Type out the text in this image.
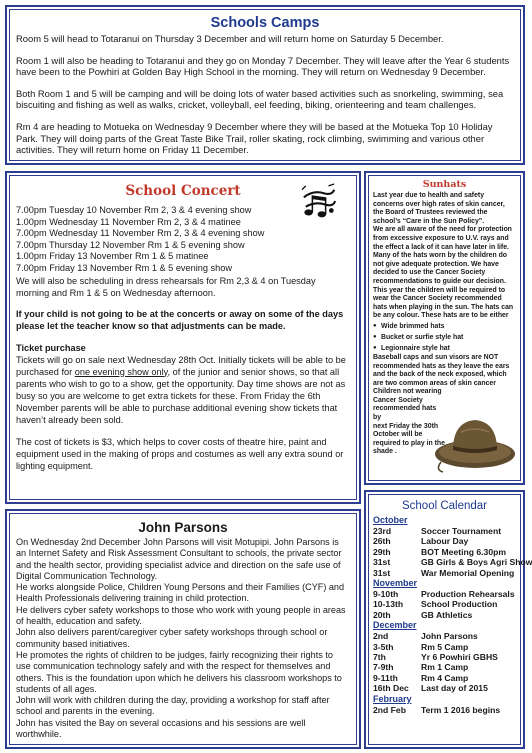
Schools Camps

Room 5 will head to Totaranui on Thursday 3 December and will return home on Saturday 5 December.

Room 1 will also be heading to Totaranui and they go on Monday 7 December. They will leave after the Year 6 students have been to the Powhiri at Golden Bay High School in the morning. They will return on Wednesday 9 December.

Both Room 1 and 5 will be camping and will be doing lots of water based activities such as snorkeling, swimming, sea biscuiting and fishing as well as walks, cricket, volleyball, eel feeding, biking, orienteering and team challenges.

Rm 4 are heading to Motueka on Wednesday 9 December where they will be based at the Motueka Top 10 Holiday Park. They will doing parts of the Great Taste Bike Trail, roller skating, rock climbing, swimming and various other activities. They will return home on Friday 11 December.

School Concert
7.00pm Tuesday 10 November Rm 2, 3 & 4 evening show
1.00pm Wednesday 11 November Rm 2, 3 & 4 matinee
7.00pm Wednesday 11 November Rm 2, 3 & 4 evening show
7.00pm Thursday 12 November Rm 1 & 5 evening show
1.00pm Friday 13 November Rm 1 & 5 matinee
7.00pm Friday 13 November Rm 1 & 5 evening show
We will also be scheduling in dress rehearsals for Rm 2,3 & 4 on Tuesday morning and Rm 1 & 5 on Wednesday afternoon.
If your child is not going to be at the concerts or away on some of the days please let the teacher know so that adjustments can be made.
Ticket purchase
Tickets will go on sale next Wednesday 28th Oct. Initially tickets will be able to be purchased for one evening show only, of the junior and senior shows, so that all parents who wish to go to a show, get the opportunity. Day time shows are not as busy so you are welcome to get extra tickets for these. From Friday the 6th November parents will be able to purchase additional evening show tickets that haven’t already been sold.
The cost of tickets is $3, which helps to cover costs of theatre hire, paint and equipment used in the making of props and costumes as well any extra sound or lighting equipment.
Sunhats
Last year due to health and safety concerns over high rates of skin cancer, the Board of Trustees reviewed the school’s “Care in the Sun Policy”.
We are all aware of the need for protection from excessive exposure to U.V. rays and the effect a lack of it can have later in life. Many of the hats worn by the children do not give adequate protection. We have decided to use the Cancer Society recommendations to guide our decision.
This year the children will be required to wear the Cancer Society recommended hats when playing in the sun. The hats can be any colour. These hats are to be either
● Wide brimmed hats
● Bucket or surfie style hat
● Legionnaire style hat
Baseball caps and sun visors are NOT recommended hats as they leave the ears and the back of the neck exposed, which are two common areas of skin cancer
Children not wearing
Cancer Society
recommended hats by
next Friday the 30th
October will be
required to play in the
shade .
John Parsons

On Wednesday 2nd December John Parsons will visit Motupipi. John Parsons is an Internet Safety and Risk Assessment Consultant to schools, the private sector and the health sector, providing specialist advice and direction on the safe use of Digital Communication Technology.

He works alongside Police, Children Young Persons and their Families (CYF) and Health Professionals delivering training in child protection.

He delivers cyber safety workshops to those who work with young people in areas of health, education and safety.

John also delivers parent/caregiver cyber safety workshops through school or community based initiatives.

He promotes the rights of children to be judges, fairly recognizing their rights to use communication technology safely and with the respect for themselves and others. This is the foundation upon which he delivers his classroom workshops to students of all ages.

John will work with children during the day, providing a workshop for staff after school and parents in the evening.

John has visited the Bay on several occasions and his sessions are well worthwhile.

School Calendar
October
23rd	Soccer Tournament
26th	Labour Day
29th	BOT Meeting 6.30pm
31st	GB Girls & Boys Agri Show
31st	War Memorial Opening
November
9-10th	Production Rehearsals
10-13th	School Production
20th	GB Athletics
December
2nd	John Parsons
3-5th	Rm 5 Camp
7th	Yr 6 Powhiri GBHS
7-9th	Rm 1 Camp
9-11th	Rm 4 Camp
16th Dec	Last day of 2015
February
2nd Feb	Term 1 2016 begins
